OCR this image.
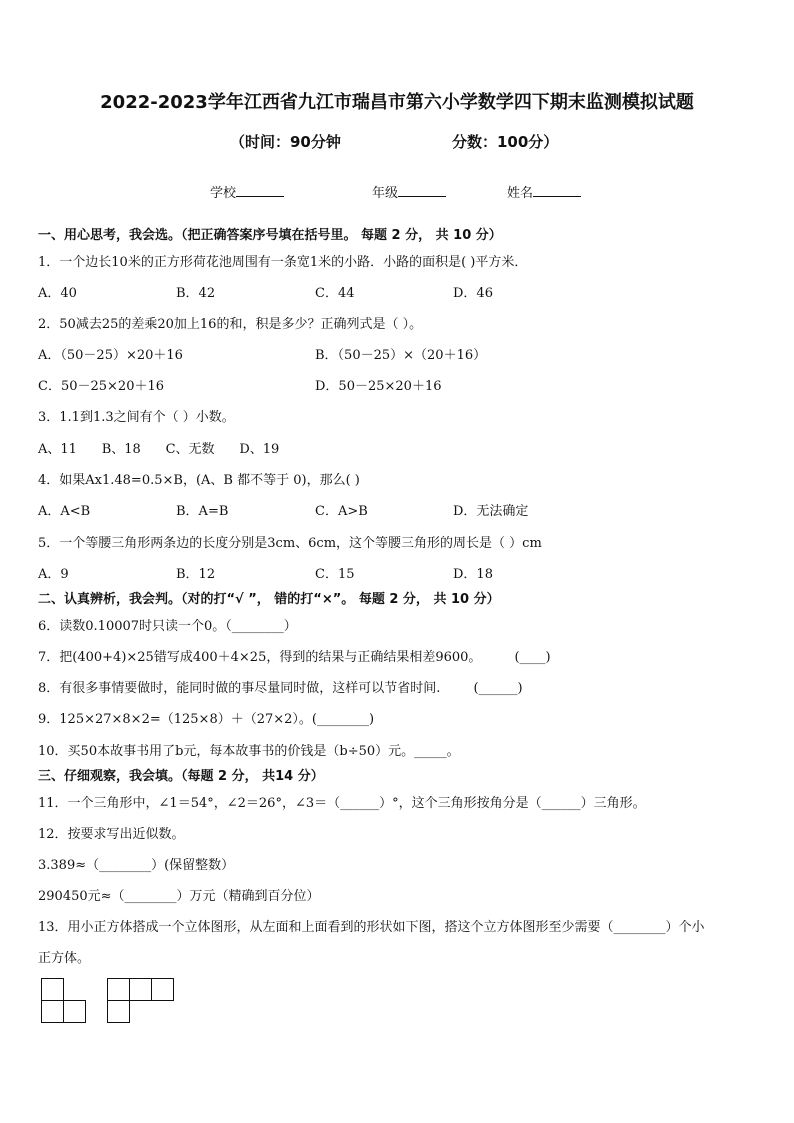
2022-2023学年江西省九江市瑞昌市第六小学数学四下期末监测模拟试题
（时间：90分钟	分数：100分）
学校	年级	姓名
一、用心思考，我会选。（把正确答案序号填在括号里。 每题 2 分， 共 10 分）
1．一个边长10米的正方形荷花池周围有一条宽1米的小路．小路的面积是( )平方米．
A．40	B．42	C．44	D．46
2．50减去25的差乘20加上16的和，积是多少？正确列式是（ ）。
A．（50－25）×20＋16	B．（50－25）×（20＋16）
C．50－25×20＋16	D．50－25×20＋16
3．1.1到1.3之间有个（ ）小数。
A、11      B、18      C、无数      D、19
4．如果Ax1.48=0.5×B，(A、B 都不等于 0)，那么( )
A．A<B	B．A=B	C．A>B	D．无法确定
5．一个等腰三角形两条边的长度分别是3cm、6cm，这个等腰三角形的周长是（ ）cm
A．9	B．12	C．15	D．18
二、认真辨析，我会判。（对的打“√ ”， 错的打“×”。 每题 2 分， 共 10 分）
6．读数0.10007时只读一个0。（________）
7．把(400+4)×25错写成400＋4×25，得到的结果与正确结果相差9600。        (____)
8．有很多事情要做时，能同时做的事尽量同时做，这样可以节省时间.        (______)
9．125×27×8×2=（125×8）＋（27×2）。(________)
10．买50本故事书用了b元，每本故事书的价钱是（b÷50）元。_____。
三、仔细观察，我会填。（每题 2 分， 共14 分）
11．一个三角形中，∠1＝54°，∠2＝26°，∠3＝（______）°，这个三角形按角分是（______）三角形。
12．按要求写出近似数。
3.389≈（________）(保留整数）
290450元≈（________）万元（精确到百分位）
13．用小正方体搭成一个立体图形，从左面和上面看到的形状如下图，搭这个立方体图形至少需要（________）个小
正方体。
